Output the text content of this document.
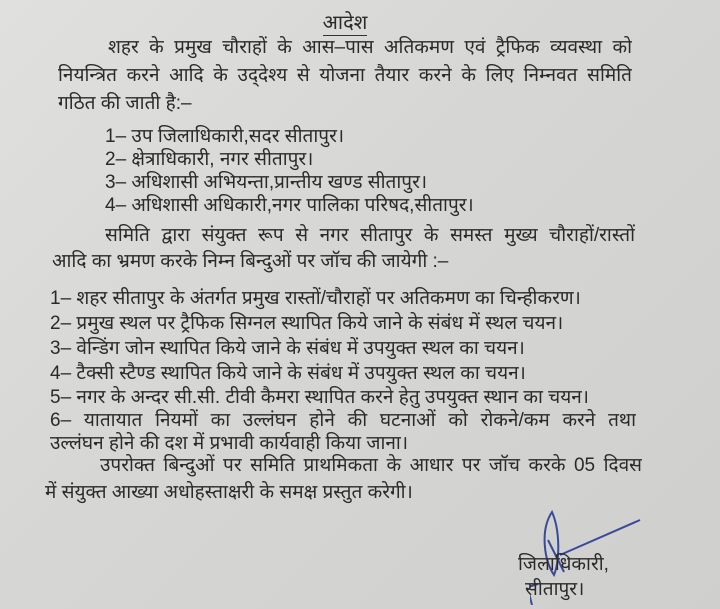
आदेश
शहर के प्रमुख चौराहों के आस–पास अतिकमण एवं ट्रैफिक व्यवस्था को
नियन्त्रित करने आदि के उद्‌देश्य से योजना तैयार करने के लिए निम्नवत समिति
गठित की जाती है:–
1– उप जिलाधिकारी,सदर सीतापुर।
2– क्षेत्राधिकारी, नगर सीतापुर।
3– अधिशासी अभियन्ता,प्रान्तीय खण्ड सीतापुर।
4– अधिशासी अधिकारी,नगर पालिका परिषद,सीतापुर।
समिति द्वारा संयुक्त रूप से नगर सीतापुर के समस्त मुख्य चौराहों/रास्तों
आदि का भ्रमण करके निम्न बिन्दुओं पर जॉच की जायेगी :–
1– शहर सीतापुर के अंतर्गत प्रमुख रास्तों/चौराहों पर अतिकमण का चिन्हीकरण।
2– प्रमुख स्थल पर ट्रैफिक सिग्नल स्थापित किये जाने के संबंध में स्थल चयन।
3– वेन्डिंग जोन स्थापित किये जाने के संबंध में उपयुक्त स्थल का चयन।
4– टैक्सी स्टैण्ड स्थापित किये जाने के संबंध में उपयुक्त स्थल का चयन।
5– नगर के अन्दर सी.सी. टीवी कैमरा स्थापित करने हेतु उपयुक्त स्थान का चयन।
6– यातायात नियमों का उल्लंघन होने की घटनाओं को रोकने/कम करने तथा
उल्लंघन होने की दश में प्रभावी कार्यवाही किया जाना।
उपरोक्त बिन्दुओं पर समिति प्राथमिकता के आधार पर जॉच करके 05 दिवस
में संयुक्त आख्या अधोहस्ताक्षरी के समक्ष प्रस्तुत करेगी।
जिलाधिकारी,
सीतापुर।
